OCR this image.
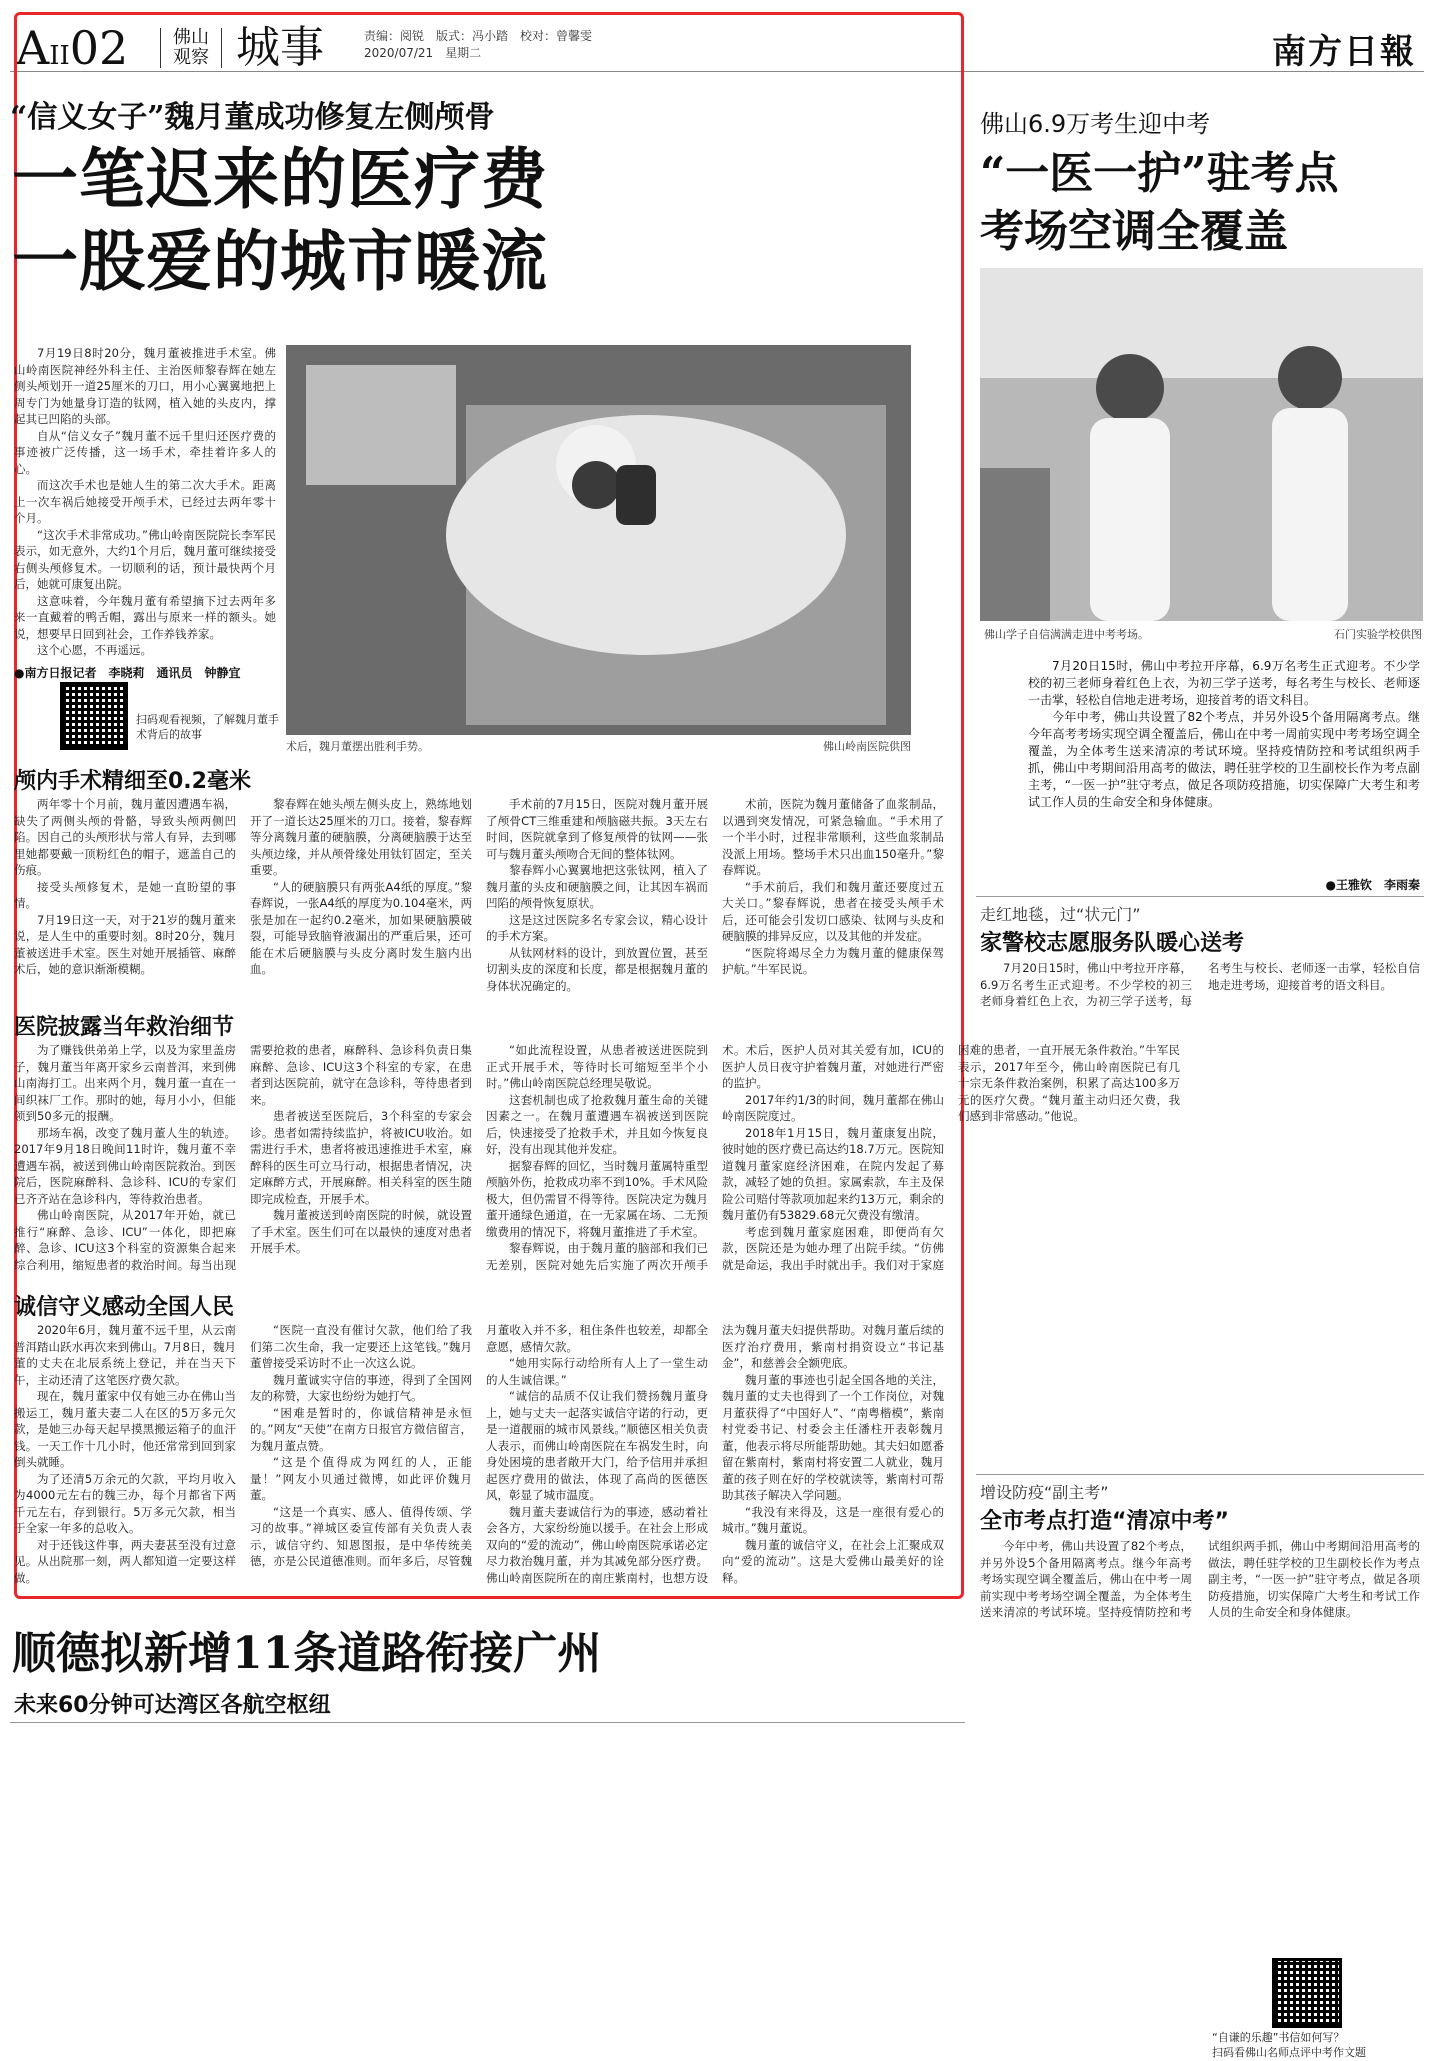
AII02	佛山观察 城事	责编：阅锐　版式：冯小踏　校对：曾馨雯
2020/07/21　星期二	南方日報
“信义女子”魏月董成功修复左侧颅骨
一笔迟来的医疗费
一股爱的城市暖流

7月19日8时20分，魏月董被推进手术室。佛山岭南医院神经外科主任、主治医师黎春辉在她左侧头颅划开一道25厘米的刀口，用小心翼翼地把上周专门为她量身订造的钛网，植入她的头皮内，撑起其已凹陷的头部。

自从“信义女子”魏月董不远千里归还医疗费的事迹被广泛传播，这一场手术，牵挂着许多人的心。

而这次手术也是她人生的第二次大手术。距离上一次车祸后她接受开颅手术，已经过去两年零十个月。

“这次手术非常成功。”佛山岭南医院院长李军民表示，如无意外，大约1个月后，魏月董可继续接受右侧头颅修复术。一切顺利的话，预计最快两个月后，她就可康复出院。

这意味着，今年魏月董有希望摘下过去两年多来一直戴着的鸭舌帽，露出与原来一样的额头。她说，想要早日回到社会，工作养钱养家。

这个心愿，不再遥远。

●南方日报记者　李晓莉　通讯员　钟静宜
扫码观看视频，了解魏月董手术背后的故事
术后，魏月董摆出胜利手势。	佛山岭南医院供图
颅内手术精细至0.2毫米

两年零十个月前，魏月董因遭遇车祸，缺失了两侧头颅的骨骼，导致头颅两侧凹陷。因自己的头颅形状与常人有异，去到哪里她都要戴一顶粉红色的帽子，遮盖自己的伤痕。

接受头颅修复术，是她一直盼望的事情。

7月19日这一天，对于21岁的魏月董来说，是人生中的重要时刻。8时20分，魏月董被送进手术室。医生对她开展插管、麻醉术后，她的意识渐渐模糊。

黎春辉在她头颅左侧头皮上，熟练地划开了一道长达25厘米的刀口。接着，黎春辉等分离魏月董的硬脑膜，分离硬脑膜于达至头颅边缘，并从颅骨缘处用钛钉固定，至关重要。

“人的硬脑膜只有两张A4纸的厚度。”黎春辉说，一张A4纸的厚度为0.104毫米，两张是加在一起约0.2毫米，加如果硬脑膜破裂，可能导致脑脊液漏出的严重后果，还可能在术后硬脑膜与头皮分离时发生脑内出血。

手术前的7月15日，医院对魏月董开展了颅骨CT三维重建和颅脑磁共振。3天左右时间，医院就拿到了修复颅骨的钛网——张可与魏月董头颅吻合无间的整体钛网。

黎春辉小心翼翼地把这张钛网，植入了魏月董的头皮和硬脑膜之间，让其因车祸而凹陷的颅骨恢复原状。

这是这过医院多名专家会议，精心设计的手术方案。

从钛网材料的设计，到放置位置，甚至切割头皮的深度和长度，都是根据魏月董的身体状况确定的。

术前，医院为魏月董储备了血浆制品，以遇到突发情况，可紧急输血。“手术用了一个半小时，过程非常顺利，这些血浆制品没派上用场。整场手术只出血150毫升。”黎春辉说。

“手术前后，我们和魏月董还要度过五大关口。”黎春辉说，患者在接受头颅手术后，还可能会引发切口感染、钛网与头皮和硬脑膜的排异反应，以及其他的并发症。

“医院将竭尽全力为魏月董的健康保驾护航。”牛军民说。

医院披露当年救治细节

为了赚钱供弟弟上学，以及为家里盖房子，魏月董当年离开家乡云南普洱，来到佛山南海打工。出来两个月，魏月董一直在一间织袜厂工作。那时的她，每月小小，但能领到50多元的报酬。

那场车祸，改变了魏月董人生的轨迹。2017年9月18日晚间11时许，魏月董不幸遭遇车祸，被送到佛山岭南医院救治。到医院后，医院麻醉科、急诊科、ICU的专家们已齐齐站在急诊科内，等待救治患者。

佛山岭南医院，从2017年开始，就已推行“麻醉、急诊、ICU”一体化，即把麻醉、急诊、ICU这3个科室的资源集合起来综合利用，缩短患者的救治时间。每当出现需要抢救的患者，麻醉科、急诊科负责日集麻醉、急诊、ICU这3个科室的专家，在患者到达医院前，就守在急诊科，等待患者到来。

患者被送至医院后，3个科室的专家会诊。患者如需持续监护，将被ICU收治。如需进行手术，患者将被迅速推进手术室，麻醉科的医生可立马行动，根据患者情况，决定麻醉方式，开展麻醉。相关科室的医生随即完成检查，开展手术。

魏月董被送到岭南医院的时候，就设置了手术室。医生们可在以最快的速度对患者开展手术。

“如此流程设置，从患者被送进医院到正式开展手术，等待时长可缩短至半个小时。”佛山岭南医院总经理吴敬说。

这套机制也成了抢救魏月董生命的关键因素之一。在魏月董遭遇车祸被送到医院后，快速接受了抢救手术，并且如今恢复良好，没有出现其他并发症。

据黎春辉的回忆，当时魏月董属特重型颅脑外伤，抢救成功率不到10%。手术风险极大，但仍需冒不得等待。医院决定为魏月董开通绿色通道，在一无家属在场、二无预缴费用的情况下，将魏月董推进了手术室。

黎春辉说，由于魏月董的脑部和我们已无差别，医院对她先后实施了两次开颅手术。术后，医护人员对其关爱有加，ICU的医护人员日夜守护着魏月董，对她进行严密的监护。

2017年约1/3的时间，魏月董都在佛山岭南医院度过。

2018年1月15日，魏月董康复出院，彼时她的医疗费已高达约18.7万元。医院知道魏月董家庭经济困难，在院内发起了募款，减轻了她的负担。家属索款，车主及保险公司赔付等款项加起来约13万元，剩余的魏月董仍有53829.68元欠费没有缴清。

考虑到魏月董家庭困难，即便尚有欠款，医院还是为她办理了出院手续。“仿佛就是命运，我出手时就出手。我们对于家庭困难的患者，一直开展无条件救治。”牛军民表示，2017年至今，佛山岭南医院已有几十宗无条件救治案例，积累了高达100多万元的医疗欠费。“魏月董主动归还欠费，我们感到非常感动。”他说。

诚信守义感动全国人民

2020年6月，魏月董不远千里，从云南普洱踏山跃水再次来到佛山。7月8日，魏月董的丈夫在北辰系统上登记，并在当天下午，主动还清了这笔医疗费欠款。

现在，魏月董家中仅有她三办在佛山当搬运工，魏月董夫妻二人在区的5万多元欠款，是她三办每天起早摸黑搬运箱子的血汗钱。一天工作十几小时，他还常常到回到家倒头就睡。

为了还清5万余元的欠款，平均月收入为4000元左右的魏三办，每个月都省下两千元左右，存到银行。5万多元欠款，相当于全家一年多的总收入。

对于还钱这件事，两夫妻甚至没有过意见。从出院那一刻，两人都知道一定要这样做。

“医院一直没有催讨欠款，他们给了我们第二次生命，我一定要还上这笔钱。”魏月董曾接受采访时不止一次这么说。

魏月董诚实守信的事迹，得到了全国网友的称赞，大家也纷纷为她打气。

“困难是暂时的，你诚信精神是永恒的。”网友“天使”在南方日报官方微信留言，为魏月董点赞。

“这是个值得成为网红的人，正能量！”网友小贝通过微博，如此评价魏月董。

“这是一个真实、感人、值得传颂、学习的故事。”禅城区委宣传部有关负责人表示，诚信守约、知恩图报，是中华传统美德，亦是公民道德准则。而年多后，尽管魏月董收入并不多，租住条件也较差，却都全意愿，感情欠款。

“她用实际行动给所有人上了一堂生动的人生诚信课。”

“诚信的品质不仅让我们赞扬魏月董身上，她与丈夫一起落实诚信守诺的行动，更是一道靓丽的城市风景线。”顺德区相关负责人表示，而佛山岭南医院在车祸发生时，向身处困境的患者敞开大门，给予信用并承担起医疗费用的做法，体现了高尚的医德医风，彰显了城市温度。

魏月董夫妻诚信行为的事迹，感动着社会各方，大家纷纷施以援手。在社会上形成双向的“爱的流动”，佛山岭南医院承诺必定尽力救治魏月董，并为其减免部分医疗费。佛山岭南医院所在的南庄紫南村，也想方设法为魏月董夫妇提供帮助。对魏月董后续的医疗治疗费用，紫南村捐资设立“书记基金”，和慈善会全额兜底。

魏月董的事迹也引起全国各地的关注，魏月董的丈夫也得到了一个工作岗位，对魏月董获得了“中国好人”、“南粤楷模”，紫南村党委书记、村委会主任潘柱开表彰魏月董，他表示将尽所能帮助她。其夫妇如愿番留在紫南村，紫南村将安置二人就业，魏月董的孩子则在好的学校就读等，紫南村可帮助其孩子解决入学问题。

“我没有来得及，这是一座很有爱心的城市。”魏月董说。

魏月董的诚信守义，在社会上汇聚成双向“爱的流动”。这是大爱佛山最美好的诠释。

佛山6.9万考生迎中考
“一医一护”驻考点
考场空调全覆盖
佛山学子自信满满走进中考考场。	石门实验学校供图

7月20日15时，佛山中考拉开序幕，6.9万名考生正式迎考。不少学校的初三老师身着红色上衣，为初三学子送考，每名考生与校长、老师逐一击掌，轻松自信地走进考场，迎接首考的语文科目。

今年中考，佛山共设置了82个考点，并另外设5个备用隔离考点。继今年高考考场实现空调全覆盖后，佛山在中考一周前实现中考考场空调全覆盖，为全体考生送来清凉的考试环境。坚持疫情防控和考试组织两手抓，佛山中考期间沿用高考的做法，聘任驻学校的卫生副校长作为考点副主考，“一医一护”驻守考点，做足各项防疫措施，切实保障广大考生和考试工作人员的生命安全和身体健康。

●王雅钦　李雨秦
走红地毯，过“状元门”
家警校志愿服务队暖心送考

7月20日15时，佛山中考拉开序幕，6.9万名考生正式迎考。不少学校的初三老师身着红色上衣，为初三学子送考，每名考生与校长、老师逐一击掌，轻松自信地走进考场，迎接首考的语文科目。

增设防疫“副主考”
全市考点打造“清凉中考”

今年中考，佛山共设置了82个考点，并另外设5个备用隔离考点。继今年高考考场实现空调全覆盖后，佛山在中考一周前实现中考考场空调全覆盖，为全体考生送来清凉的考试环境。坚持疫情防控和考试组织两手抓，佛山中考期间沿用高考的做法，聘任驻学校的卫生副校长作为考点副主考，“一医一护”驻守考点，做足各项防疫措施，切实保障广大考生和考试工作人员的生命安全和身体健康。

“自谦的乐趣”书信如何写？
扫码看佛山名师点评中考作文题
顺德拟新增11条道路衔接广州
未来60分钟可达湾区各航空枢纽
